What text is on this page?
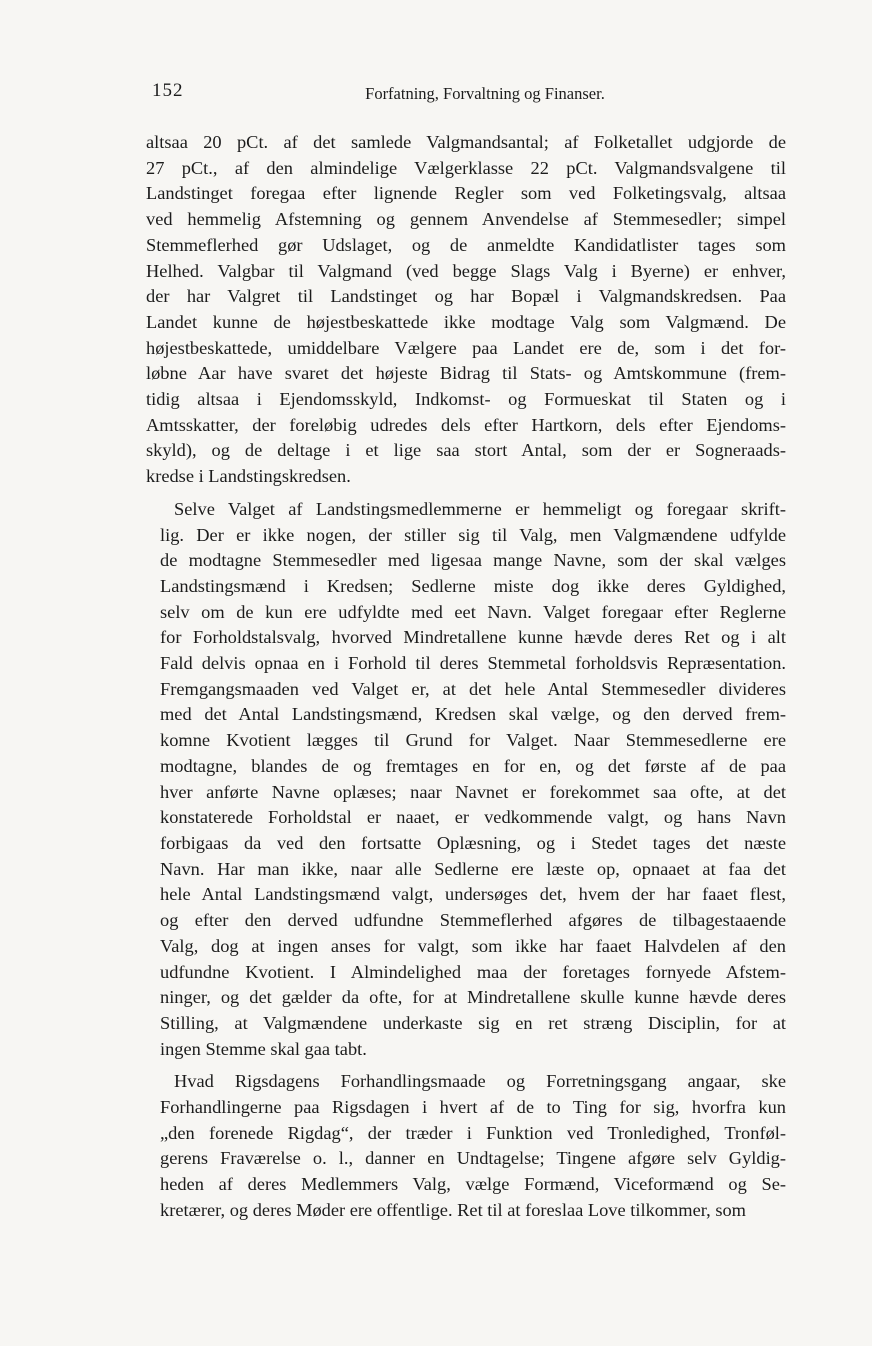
152	Forfatning, Forvaltning og Finanser.
altsaa 20 pCt. af det samlede Valgmandsantal; af Folketallet udgjorde de
27 pCt., af den almindelige Vælgerklasse 22 pCt. Valgmandsvalgene til
Landstinget foregaa efter lignende Regler som ved Folketingsvalg, altsaa
ved hemmelig Afstemning og gennem Anvendelse af Stemmesedler; simpel
Stemmeflerhed gør Udslaget, og de anmeldte Kandidatlister tages som
Helhed. Valgbar til Valgmand (ved begge Slags Valg i Byerne) er enhver,
der har Valgret til Landstinget og har Bopæl i Valgmandskredsen. Paa
Landet kunne de højestbeskattede ikke modtage Valg som Valgmænd. De
højestbeskattede, umiddelbare Vælgere paa Landet ere de, som i det for-
løbne Aar have svaret det højeste Bidrag til Stats- og Amtskommune (frem-
tidig altsaa i Ejendomsskyld, Indkomst- og Formueskat til Staten og i
Amtsskatter, der foreløbig udredes dels efter Hartkorn, dels efter Ejendoms-
skyld), og de deltage i et lige saa stort Antal, som der er Sogneraads-
kredse i Landstingskredsen.
Selve Valget af Landstingsmedlemmerne er hemmeligt og foregaar skrift-
lig. Der er ikke nogen, der stiller sig til Valg, men Valgmændene udfylde
de modtagne Stemmesedler med ligesaa mange Navne, som der skal vælges
Landstingsmænd i Kredsen; Sedlerne miste dog ikke deres Gyldighed,
selv om de kun ere udfyldte med eet Navn. Valget foregaar efter Reglerne
for Forholdstalsvalg, hvorved Mindretallene kunne hævde deres Ret og i alt
Fald delvis opnaa en i Forhold til deres Stemmetal forholdsvis Repræsentation.
Fremgangsmaaden ved Valget er, at det hele Antal Stemmesedler divideres
med det Antal Landstingsmænd, Kredsen skal vælge, og den derved frem-
komne Kvotient lægges til Grund for Valget. Naar Stemmesedlerne ere
modtagne, blandes de og fremtages en for en, og det første af de paa
hver anførte Navne oplæses; naar Navnet er forekommet saa ofte, at det
konstaterede Forholdstal er naaet, er vedkommende valgt, og hans Navn
forbigaas da ved den fortsatte Oplæsning, og i Stedet tages det næste
Navn. Har man ikke, naar alle Sedlerne ere læste op, opnaaet at faa det
hele Antal Landstingsmænd valgt, undersøges det, hvem der har faaet flest,
og efter den derved udfundne Stemmeflerhed afgøres de tilbagestaaende
Valg, dog at ingen anses for valgt, som ikke har faaet Halvdelen af den
udfundne Kvotient. I Almindelighed maa der foretages fornyede Afstem-
ninger, og det gælder da ofte, for at Mindretallene skulle kunne hævde deres
Stilling, at Valgmændene underkaste sig en ret stræng Disciplin, for at
ingen Stemme skal gaa tabt.
Hvad Rigsdagens Forhandlingsmaade og Forretningsgang angaar, ske
Forhandlingerne paa Rigsdagen i hvert af de to Ting for sig, hvorfra kun
„den forenede Rigdag“, der træder i Funktion ved Tronledighed, Tronføl-
gerens Fraværelse o. l., danner en Undtagelse; Tingene afgøre selv Gyldig-
heden af deres Medlemmers Valg, vælge Formænd, Viceformænd og Se-
kretærer, og deres Møder ere offentlige. Ret til at foreslaa Love tilkommer, som
